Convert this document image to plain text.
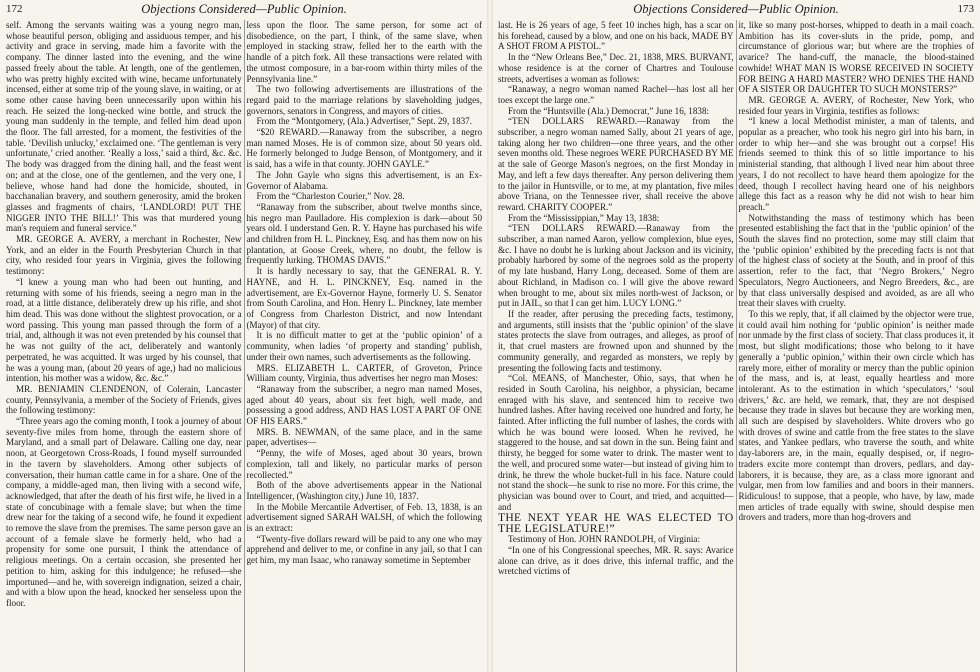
172	Objections Considered—Public Opinion.

self. Among the servants waiting was a young negro man, whose beautiful person, obliging and assiduous temper, and his activity and grace in serving, made him a favorite with the company. The dinner lasted into the evening, and the wine passed freely about the table. At length, one of the gentlemen, who was pretty highly excited with wine, became unfortunately incensed, either at some trip of the young slave, in waiting, or at some other cause having been unnecessarily upon within his reach. He seized the long-necked wine bottle, and struck the young man suddenly in the temple, and felled him dead upon the floor. The fall arrested, for a moment, the festivities of the table. ‘Devilish unlucky,’ exclaimed one. ‘The gentleman is very unfortunate,’ cried another. ‘Really a loss,’ said a third, &c. &c. The body was dragged from the dining hall, and the feast went on; and at the close, one of the gentlemen, and the very one, I believe, whose hand had done the homicide, shouted, in bacchanalian bravery, and southern generosity, amid the broken glasses and fragments of chairs, ‘LANDLORD! PUT THE NIGGER INTO THE BILL!’ This was that murdered young man's requiem and funeral service.”

MR. GEORGE A. AVERY, a merchant in Rochester, New York, and an elder in the Fourth Presbyterian Church in that city, who resided four years in Virginia, gives the following testimony:

“I knew a young man who had been out hunting, and returning with some of his friends, seeing a negro man in the road, at a little distance, deliberately drew up his rifle, and shot him dead. This was done without the slightest provocation, or a word passing. This young man passed through the form of a trial, and, although it was not even pretended by his counsel that he was not guilty of the act, deliberately and wantonly perpetrated, he was acquitted. It was urged by his counsel, that he was a young man, (about 20 years of age,) had no malicious intention, his mother was a widow, &c. &c.”

MR. BENJAMIN CLENDENON, of Colerain, Lancaster county, Pennsylvania, a member of the Society of Friends, gives the following testimony:

“Three years ago the coming month, I took a journey of about seventy-five miles from home, through the eastern shore of Maryland, and a small part of Delaware. Calling one day, near noon, at Georgetown Cross-Roads, I found myself surrounded in the tavern by slaveholders. Among other subjects of conversation, their human cattle came in for a share. One of the company, a middle-aged man, then living with a second wife, acknowledged, that after the death of his first wife, he lived in a state of concubinage with a female slave; but when the time drew near for the taking of a second wife, he found it expedient to remove the slave from the premises. The same person gave an account of a female slave he formerly held, who had a propensity for some one pursuit, I think the attendance of religious meetings. On a certain occasion, she presented her petition to him, asking for this indulgence; he refused—she importuned—and he, with sovereign indignation, seized a chair, and with a blow upon the head, knocked her senseless upon the floor.

less upon the floor. The same person, for some act of disobedience, on the part, I think, of the same slave, when employed in stacking straw, felled her to the earth with the handle of a pitch fork. All these transactions were related with the utmost composure, in a bar-room within thirty miles of the Pennsylvania line.”

The two following advertisements are illustrations of the regard paid to the marriage relations by slaveholding judges, governors, senators in Congress, and mayors of cities.

From the “Montgomery, (Ala.) Advertiser,” Sept. 29, 1837.

“$20 REWARD.—Ranaway from the subscriber, a negro man named Moses. He is of common size, about 50 years old. He formerly belonged to Judge Benson, of Montgomery, and it is said, has a wife in that county. JOHN GAYLE.”

The John Gayle who signs this advertisement, is an Ex-Governor of Alabama.

From the “Charleston Courier,” Nov. 28.

“Ranaway from the subscriber, about twelve months since, his negro man Paulladore. His complexion is dark—about 50 years old. I understand Gen. R. Y. Hayne has purchased his wife and children from H. L. Pinckney, Esq. and has them now on his plantation, at Goose Creek, where, no doubt, the fellow is frequently lurking. THOMAS DAVIS.”

It is hardly necessary to say, that the GENERAL R. Y. HAYNE, and H. L. PINCKNEY, Esq. named in the advertisement, are Ex-Governor Hayne, formerly U. S. Senator from South Carolina, and Hon. Henry L. Pinckney, late member of Congress from Charleston District, and now Intendant (Mayor) of that city.

It is no difficult matter to get at the ‘public opinion’ of a community, when ladies ‘of property and standing’ publish, under their own names, such advertisements as the following.

MRS. ELIZABETH L. CARTER, of Groveton, Prince William county, Virginia, thus advertises her negro man Moses:

“Ranaway from the subscriber, a negro man named Moses, aged about 40 years, about six feet high, well made, and possessing a good address, AND HAS LOST A PART OF ONE OF HIS EARS.”

MRS. B. NEWMAN, of the same place, and in the same paper, advertises—

“Penny, the wife of Moses, aged about 30 years, brown complexion, tall and likely, no particular marks of person recollected.”

Both of the above advertisements appear in the National Intelligencer, (Washington city,) June 10, 1837.

In the Mobile Mercantile Advertiser, of Feb. 13, 1838, is an advertisement signed SARAH WALSH, of which the following is an extract:

“Twenty-five dollars reward will be paid to any one who may apprehend and deliver to me, or confine in any jail, so that I can get him, my man Isaac, who ranaway sometime in September

Objections Considered—Public Opinion.	173

last. He is 26 years of age, 5 feet 10 inches high, has a scar on his forehead, caused by a blow, and one on his back, MADE BY A SHOT FROM A PISTOL.”

In the “New Orleans Bee,” Dec. 21, 1838, MRS. BURVANT, whose residence is at the corner of Chartres and Toulouse streets, advertises a woman as follows:

“Ranaway, a negro woman named Rachel—has lost all her toes except the large one.”

From the “Huntsville (Ala.) Democrat,” June 16, 1838:

“TEN DOLLARS REWARD.—Ranaway from the subscriber, a negro woman named Sally, about 21 years of age, taking along her two children—one three years, and the other seven months old. These negroes WERE PURCHASED BY ME at the sale of George Mason's negroes, on the first Monday in May, and left a few days thereafter. Any person delivering them to the jailor in Huntsville, or to me, at my plantation, five miles above Triana, on the Tennessee river, shall receive the above reward. CHARITY COOPER.”

From the “Mississippian,” May 13, 1838:

“TEN DOLLARS REWARD.—Ranaway from the subscriber, a man named Aaron, yellow complexion, blue eyes, &c. I have no doubt he is lurking about Jackson and its vicinity, probably harbored by some of the negroes sold as the property of my late husband, Harry Long, deceased. Some of them are about Richland, in Madison co. I will give the above reward when brought to me, about six miles north-west of Jackson, or put in JAIL, so that I can get him. LUCY LONG.”

If the reader, after perusing the preceding facts, testimony, and arguments, still insists that the ‘public opinion’ of the slave states protects the slave from outrages, and alleges, as proof of it, that cruel masters are frowned upon and shunned by the community generally, and regarded as monsters, we reply by presenting the following facts and testimony.

“Col. MEANS, of Manchester, Ohio, says, that when he resided in South Carolina, his neighbor, a physician, became enraged with his slave, and sentenced him to receive two hundred lashes. After having received one hundred and forty, he fainted. After inflicting the full number of lashes, the cords with which he was bound were loosed. When he revived, he staggered to the house, and sat down in the sun. Being faint and thirsty, he begged for some water to drink. The master went to the well, and procured some water—but instead of giving him to drink, he threw the whole bucket-full in his face. Nature could not stand the shock—he sunk to rise no more. For this crime, the physician was bound over to Court, and tried, and acquitted—and

THE NEXT YEAR HE WAS ELECTED TO THE LEGISLATURE!”

Testimony of Hon. JOHN RANDOLPH, of Virginia:

“In one of his Congressional speeches, MR. R. says: Avarice alone can drive, as it does drive, this infernal traffic, and the wretched victims of

it, like so many post-horses, whipped to death in a mail coach. Ambition has its cover-sluts in the pride, pomp, and circumstance of glorious war; but where are the trophies of avarice? The hand-cuff, the manacle, the blood-stained cowhide! WHAT MAN IS WORSE RECEIVED IN SOCIETY FOR BEING A HARD MASTER? WHO DENIES THE HAND OF A SISTER OR DAUGHTER TO SUCH MONSTERS?”

MR. GEORGE A. AVERY, of Rochester, New York, who resided four years in Virginia, testifies as follows:

“I knew a local Methodist minister, a man of talents, and popular as a preacher, who took his negro girl into his barn, in order to whip her—and she was brought out a corpse! His friends seemed to think this of so little importance to his ministerial standing, that although I lived near him about three years, I do not recollect to have heard them apologize for the deed, though I recollect having heard one of his neighbors allege this fact as a reason why he did not wish to hear him preach.”

Notwithstanding the mass of testimony which has been presented establishing the fact that in the ‘public opinion’ of the South the slaves find no protection, some may still claim that the ‘public opinion’ exhibited by the preceding facts is not that of the highest class of society at the South, and in proof of this assertion, refer to the fact, that ‘Negro Brokers,’ Negro Speculators, Negro Auctioneers, and Negro Breeders, &c., are by that class universally despised and avoided, as are all who treat their slaves with cruelty.

To this we reply, that, if all claimed by the objector were true, it could avail him nothing for ‘public opinion’ is neither made nor unmade by the first class of society. That class produces it, it most, but slight modifications; those who belong to it have generally a ‘public opinion,’ within their own circle which has rarely more, either of morality or mercy than the public opinion of the mass, and is, at least, equally heartless and more intolerant. As to the estimation in which ‘speculators,’ ‘soul drivers,’ &c. are held, we remark, that, they are not despised because they trade in slaves but because they are working men, all such are despised by slaveholders. White drovers who go with droves of swine and cattle from the free states to the slave states, and Yankee pedlars, who traverse the south, and white day-laborers are, in the main, equally despised, or, if negro-traders excite more contempt than drovers, pedlars, and day-laborers, it is because, they are, as a class more ignorant and vulgar, men from low families and and boors in their manners. Ridiculous! to suppose, that a people, who have, by law, made men articles of trade equally with swine, should despise men drovers and traders, more than hog-drovers and
